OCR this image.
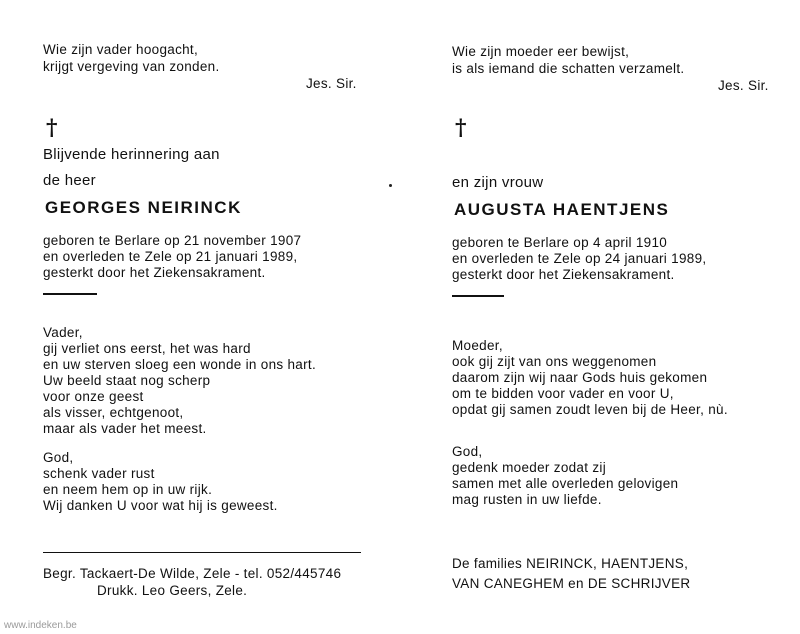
Wie zijn vader hoogacht,
krijgt vergeving van zonden.
Jes. Sir.
†
Blijvende herinnering aan
de heer
GEORGES NEIRINCK
geboren te Berlare op 21 november 1907
en overleden te Zele op 21 januari 1989,
gesterkt door het Ziekensakrament.
Vader,
gij verliet ons eerst, het was hard
en uw sterven sloeg een wonde in ons hart.
Uw beeld staat nog scherp
voor onze geest
als visser, echtgenoot,
maar als vader het meest.
God,
schenk vader rust
en neem hem op in uw rijk.
Wij danken U voor wat hij is geweest.
Begr. Tackaert-De Wilde, Zele - tel. 052/445746
Drukk. Leo Geers, Zele.
Wie zijn moeder eer bewijst,
is als iemand die schatten verzamelt.
Jes. Sir.
†
en zijn vrouw
AUGUSTA HAENTJENS
geboren te Berlare op 4 april 1910
en overleden te Zele op 24 januari 1989,
gesterkt door het Ziekensakrament.
Moeder,
ook gij zijt van ons weggenomen
daarom zijn wij naar Gods huis gekomen
om te bidden voor vader en voor U,
opdat gij samen zoudt leven bij de Heer, nù.
God,
gedenk moeder zodat zij
samen met alle overleden gelovigen
mag rusten in uw liefde.
De families NEIRINCK, HAENTJENS,
VAN CANEGHEM en DE SCHRIJVER
www.indeken.be
